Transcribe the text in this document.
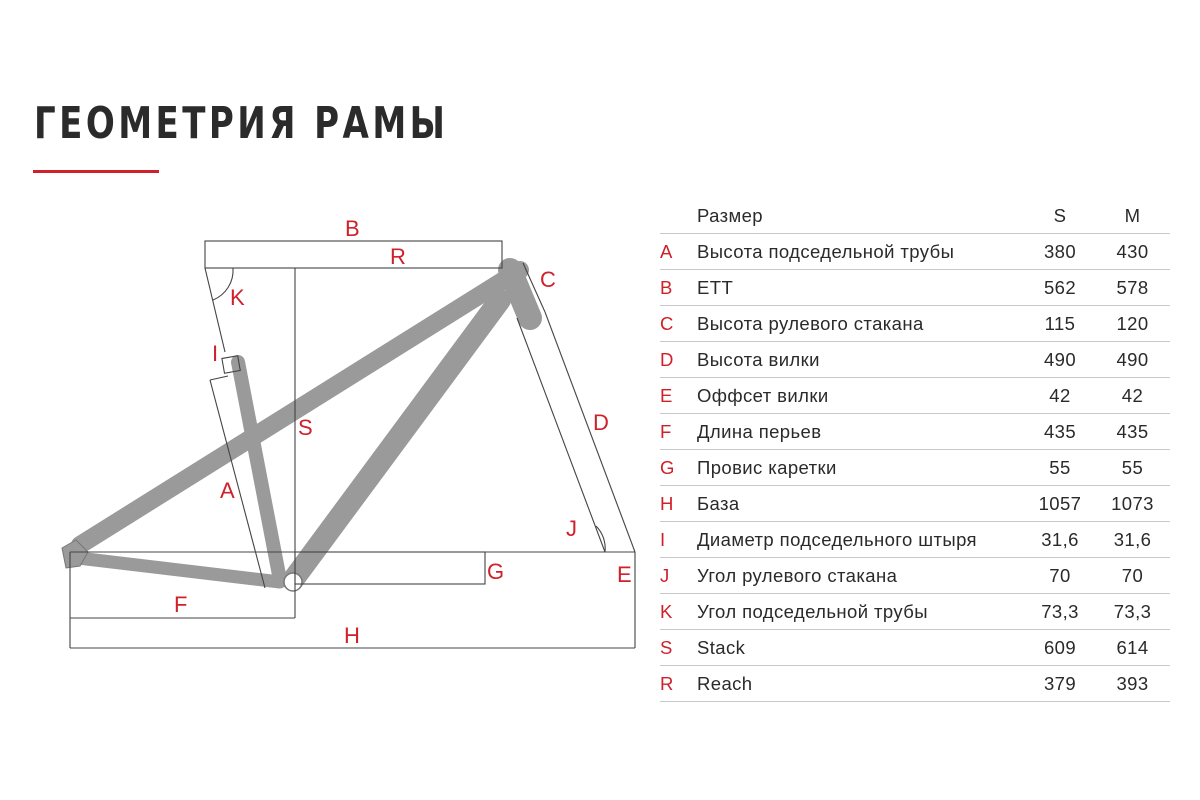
ГЕОМЕТРИЯ РАМЫ
B
R
K
I
S
A
C
D
J
E
G
F
H
	Размер	S	M
A	Высота подседельной трубы	380	430
B	ETT	562	578
C	Высота рулевого стакана	115	120
D	Высота вилки	490	490
E	Оффсет вилки	42	42
F	Длина перьев	435	435
G	Провис каретки	55	55
H	База	1057	1073
I	Диаметр подседельного штыря	31,6	31,6
J	Угол рулевого стакана	70	70
K	Угол подседельной трубы	73,3	73,3
S	Stack	609	614
R	Reach	379	393
